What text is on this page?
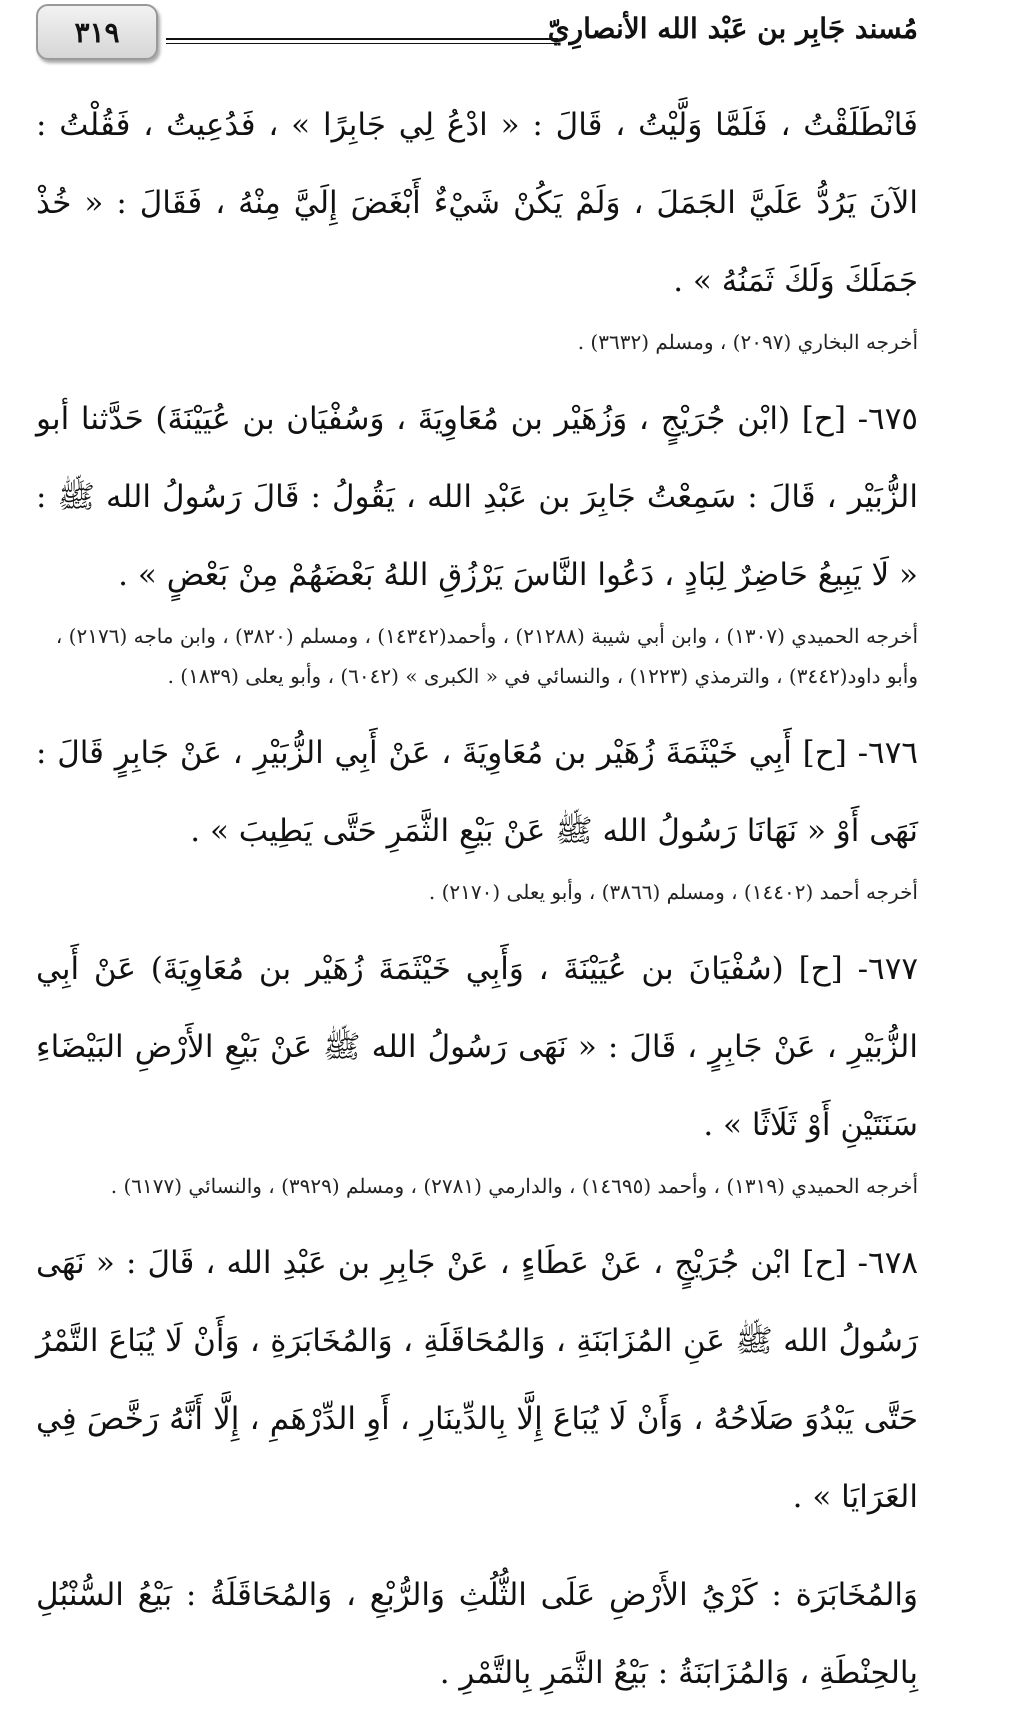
مُسند جَابِر بن عَبْد الله الأنصارِيّ
٣١٩

فَانْطَلَقْتُ ، فَلَمَّا وَلَّيْتُ ، قَالَ : « ادْعُ لِي جَابِرًا » ، فَدُعِيتُ ، فَقُلْتُ : الآنَ يَرُدُّ عَلَيَّ الجَمَلَ ، وَلَمْ يَكُنْ شَيْءٌ أَبْغَضَ إِلَيَّ مِنْهُ ، فَقَالَ : « خُذْ جَمَلَكَ وَلَكَ ثَمَنُهُ » .

أخرجه البخاري (٢٠٩٧) ، ومسلم (٣٦٣٢) .

٦٧٥- [ح] (ابْن جُرَيْجٍ ، وَزُهَيْر بن مُعَاوِيَةَ ، وَسُفْيَان بن عُيَيْنَةَ) حَدَّثنا أبو الزُّبَيْر ، قَالَ : سَمِعْتُ جَابِرَ بن عَبْدِ الله ، يَقُولُ : قَالَ رَسُولُ الله ﷺ : « لَا يَبِيعُ حَاضِرٌ لِبَادٍ ، دَعُوا النَّاسَ يَرْزُقِ اللهُ بَعْضَهُمْ مِنْ بَعْضٍ » .

أخرجه الحميدي (١٣٠٧) ، وابن أبي شيبة (٢١٢٨٨) ، وأحمد(١٤٣٤٢) ، ومسلم (٣٨٢٠) ، وابن ماجه (٢١٧٦) ، وأبو داود(٣٤٤٢) ، والترمذي (١٢٢٣) ، والنسائي في « الكبرى » (٦٠٤٢) ، وأبو يعلى (١٨٣٩) .

٦٧٦- [ح] أَبِي خَيْثَمَةَ زُهَيْر بن مُعَاوِيَةَ ، عَنْ أَبِي الزُّبَيْرِ ، عَنْ جَابِرٍ قَالَ : نَهَى أَوْ « نَهَانَا رَسُولُ الله ﷺ عَنْ بَيْعِ الثَّمَرِ حَتَّى يَطِيبَ » .

أخرجه أحمد (١٤٤٠٢) ، ومسلم (٣٨٦٦) ، وأبو يعلى (٢١٧٠) .

٦٧٧- [ح] (سُفْيَانَ بن عُيَيْنَةَ ، وَأَبِي خَيْثَمَةَ زُهَيْر بن مُعَاوِيَةَ) عَنْ أَبِي الزُّبَيْرِ ، عَنْ جَابِرٍ ، قَالَ : « نَهَى رَسُولُ الله ﷺ عَنْ بَيْعِ الأَرْضِ البَيْضَاءِ سَنَتَيْنِ أَوْ ثَلَاثًا » .

أخرجه الحميدي (١٣١٩) ، وأحمد (١٤٦٩٥) ، والدارمي (٢٧٨١) ، ومسلم (٣٩٢٩) ، والنسائي (٦١٧٧) .

٦٧٨- [ح] ابْن جُرَيْجٍ ، عَنْ عَطَاءٍ ، عَنْ جَابِرِ بن عَبْدِ الله ، قَالَ : « نَهَى رَسُولُ الله ﷺ عَنِ المُزَابَنَةِ ، وَالمُحَاقَلَةِ ، وَالمُخَابَرَةِ ، وَأَنْ لَا يُبَاعَ التَّمْرُ حَتَّى يَبْدُوَ صَلَاحُهُ ، وَأَنْ لَا يُبَاعَ إِلَّا بِالدِّينَارِ ، أَوِ الدِّرْهَمِ ، إِلَّا أَنَّهُ رَخَّصَ فِي العَرَايَا » .

وَالمُخَابَرَة : كَرْيُ الأَرْضِ عَلَى الثُّلُثِ وَالرُّبْعِ ، وَالمُحَاقَلَةُ : بَيْعُ السُّنْبُلِ بِالحِنْطَةِ ، وَالمُزَابَنَةُ : بَيْعُ الثَّمَرِ بِالتَّمْرِ .
